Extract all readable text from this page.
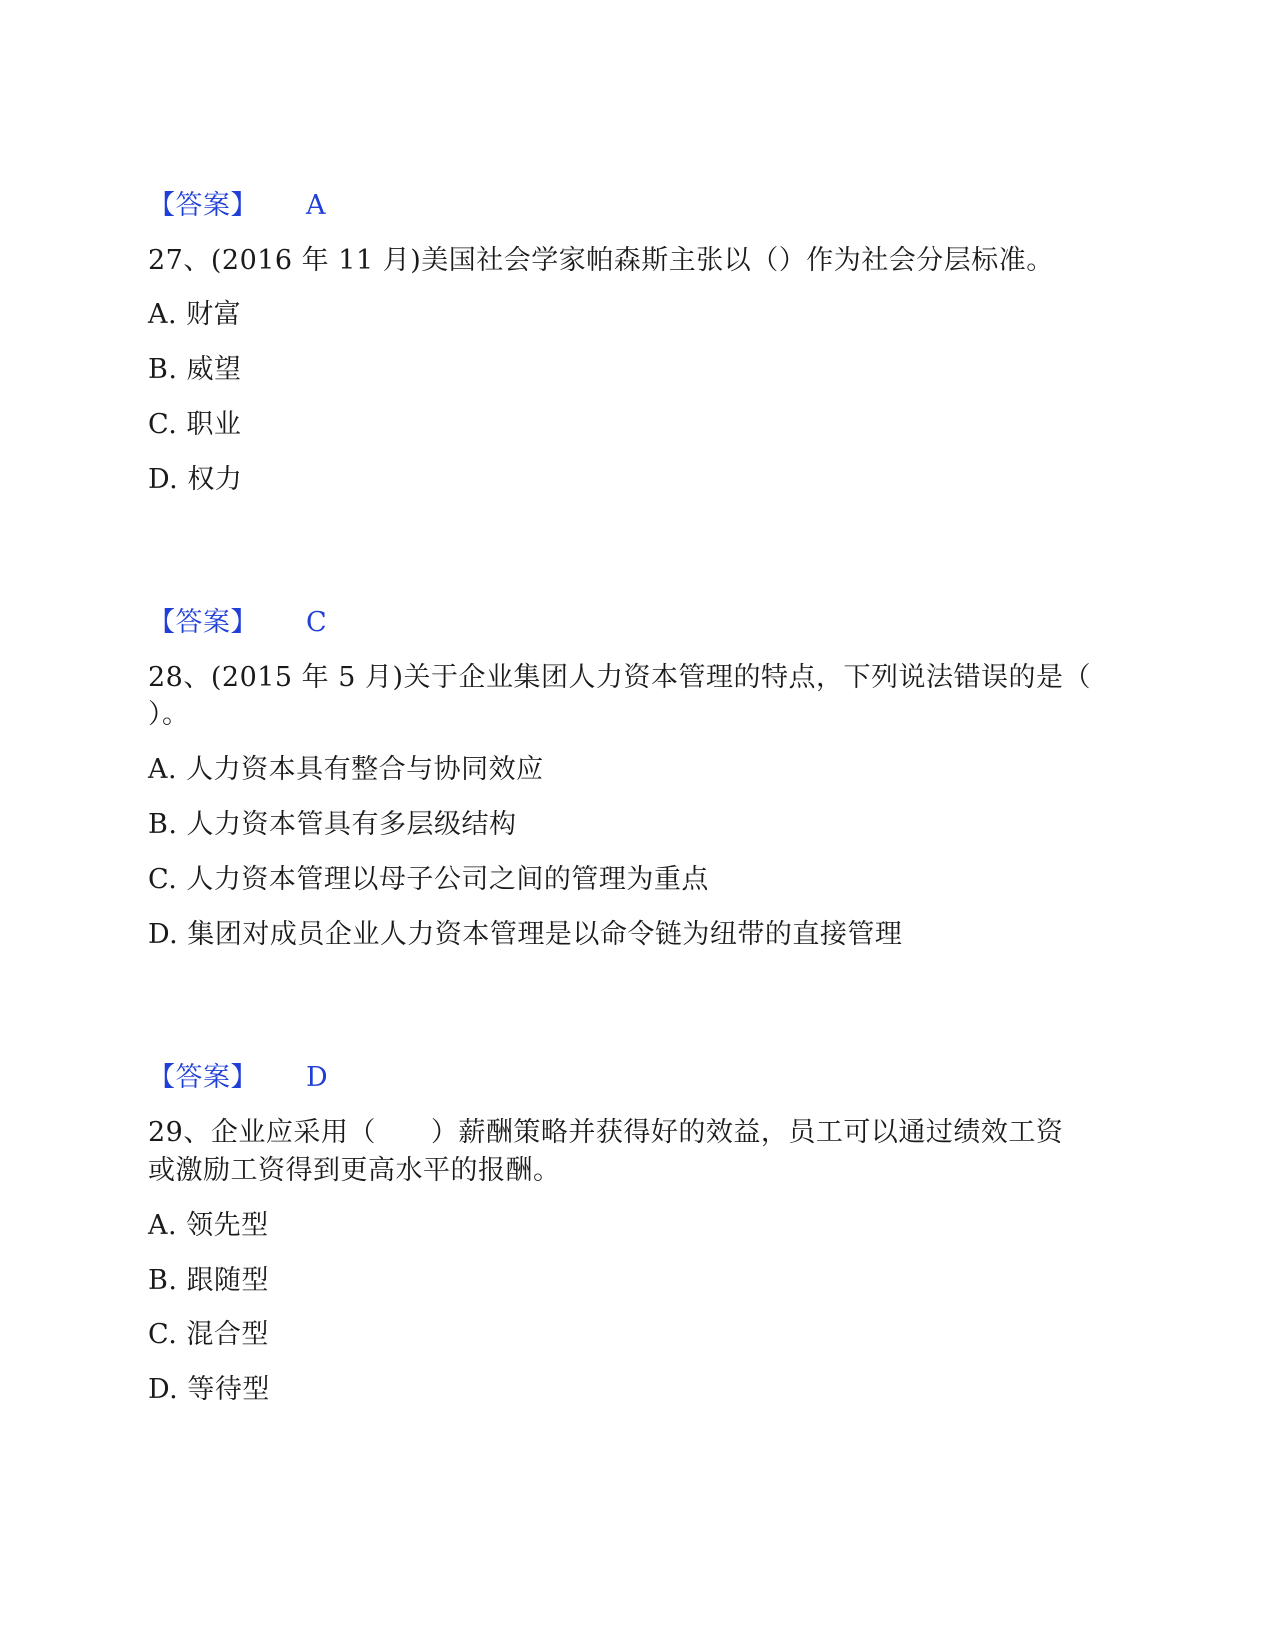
【答案】 A
27、(2016 年 11 月)美国社会学家帕森斯主张以（）作为社会分层标准。
A. 财富
B. 威望
C. 职业
D. 权力
【答案】 C
28、(2015 年 5 月)关于企业集团人力资本管理的特点，下列说法错误的是（
）。
A. 人力资本具有整合与协同效应
B. 人力资本管具有多层级结构
C. 人力资本管理以母子公司之间的管理为重点
D. 集团对成员企业人力资本管理是以命令链为纽带的直接管理
【答案】 D
29、企业应采用（　　）薪酬策略并获得好的效益，员工可以通过绩效工资
或激励工资得到更高水平的报酬。
A. 领先型
B. 跟随型
C. 混合型
D. 等待型
